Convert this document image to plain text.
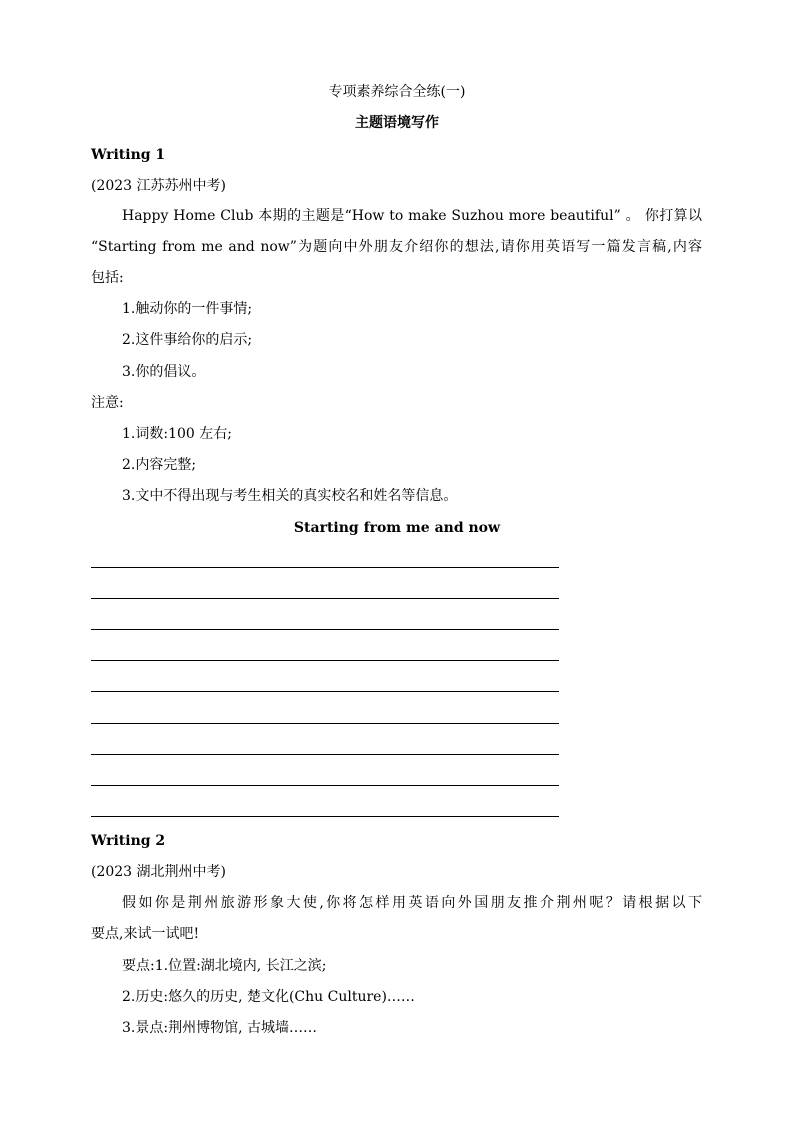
专项素养综合全练(一)
主题语境写作
Writing 1
(2023 江苏苏州中考)
Happy Home Club 本期的主题是“How to make Suzhou more beautiful” 。 你打算以
“Starting from me and now”为题向中外朋友介绍你的想法,请你用英语写一篇发言稿,内容
包括:
1.触动你的一件事情;
2.这件事给你的启示;
3.你的倡议。
注意:
1.词数:100 左右;
2.内容完整;
3.文中不得出现与考生相关的真实校名和姓名等信息。
Starting from me and now
Writing 2
(2023 湖北荆州中考)
假如你是荆州旅游形象大使,你将怎样用英语向外国朋友推介荆州呢？请根据以下
要点,来试一试吧!
要点:1.位置:湖北境内, 长江之滨;
2.历史:悠久的历史, 楚文化(Chu Culture)……
3.景点:荆州博物馆, 古城墙……
